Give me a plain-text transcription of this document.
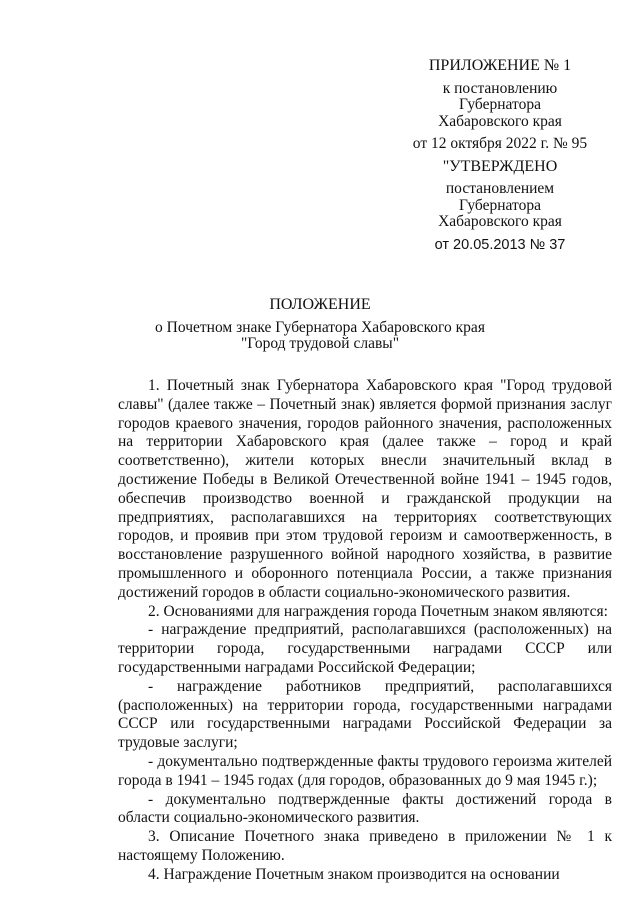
ПРИЛОЖЕНИЕ № 1
к постановлению
Губернатора
Хабаровского края
от 12 октября 2022 г. № 95
"УТВЕРЖДЕНО
постановлением
Губернатора
Хабаровского края
от 20.05.2013 № 37
ПОЛОЖЕНИЕ
о Почетном знаке Губернатора Хабаровского края
"Город трудовой славы"

1. Почетный знак Губернатора Хабаровского края "Город трудовой славы" (далее также – Почетный знак) является формой признания заслуг городов краевого значения, городов районного значения, расположенных на территории Хабаровского края (далее также – город и край соответственно), жители которых внесли значительный вклад в достижение Победы в Великой Отечественной войне 1941 – 1945 годов, обеспечив производство военной и гражданской продукции на предприятиях, располагавшихся на территориях соответствующих городов, и проявив при этом трудовой героизм и самоотверженность, в восстановление разрушенного войной народного хозяйства, в развитие промышленного и оборонного потенциала России, а также признания достижений городов в области социально-экономического развития.

2. Основаниями для награждения города Почетным знаком являются:

- награждение предприятий, располагавшихся (расположенных) на территории города, государственными наградами СССР или государственными наградами Российской Федерации;

- награждение работников предприятий, располагавшихся (расположенных) на территории города, государственными наградами СССР или государственными наградами Российской Федерации за трудовые заслуги;

- документально подтвержденные факты трудового героизма жителей города в 1941 – 1945 годах (для городов, образованных до 9 мая 1945 г.);

- документально подтвержденные факты достижений города в области социально-экономического развития.

3. Описание Почетного знака приведено в приложении № 1 к настоящему Положению.

4. Награждение Почетным знаком производится на основании
